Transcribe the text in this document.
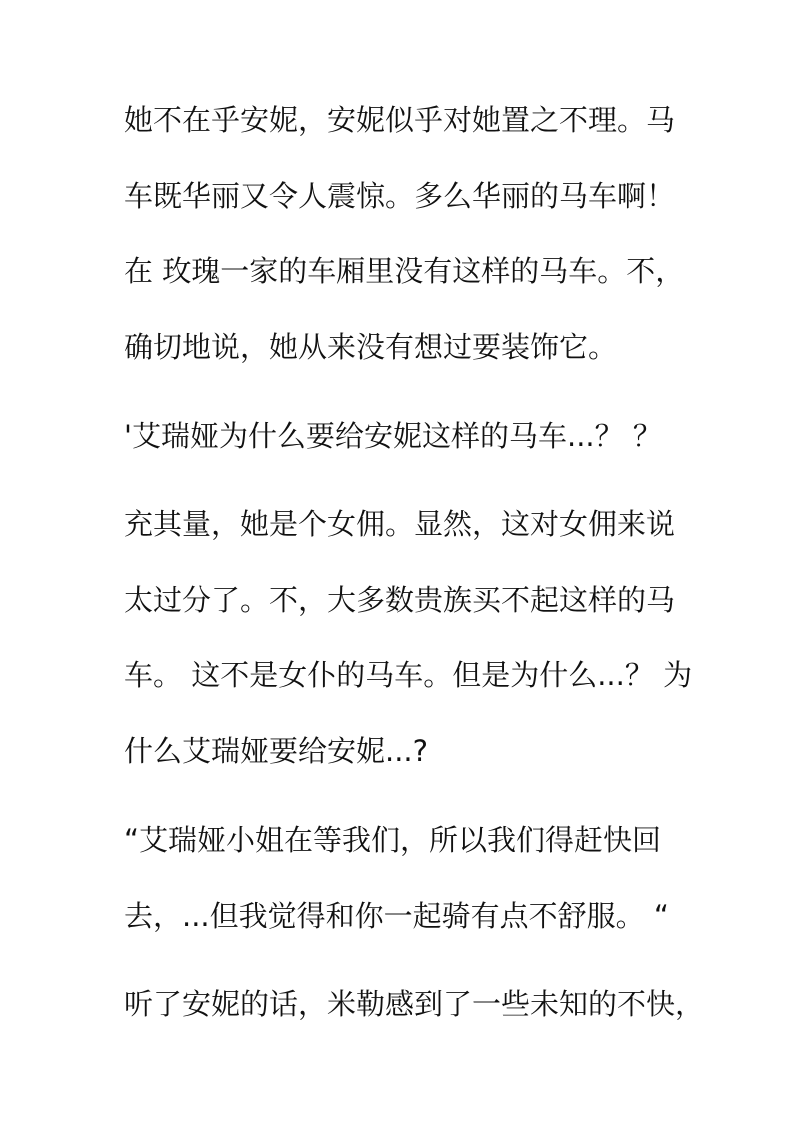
她不在乎安妮，安妮似乎对她置之不理。马
车既华丽又令人震惊。多么华丽的马车啊！
在 玫瑰一家的车厢里没有这样的马车。不，
确切地说，她从来没有想过要装饰它。
'艾瑞娅为什么要给安妮这样的马车...？ ？
充其量，她是个女佣。显然，这对女佣来说
太过分了。不，大多数贵族买不起这样的马
车。 这不是女仆的马车。但是为什么...？ 为
什么艾瑞娅要给安妮...?
“艾瑞娅小姐在等我们，所以我们得赶快回
去，...但我觉得和你一起骑有点不舒服。 “
听了安妮的话，米勒感到了一些未知的不快，
